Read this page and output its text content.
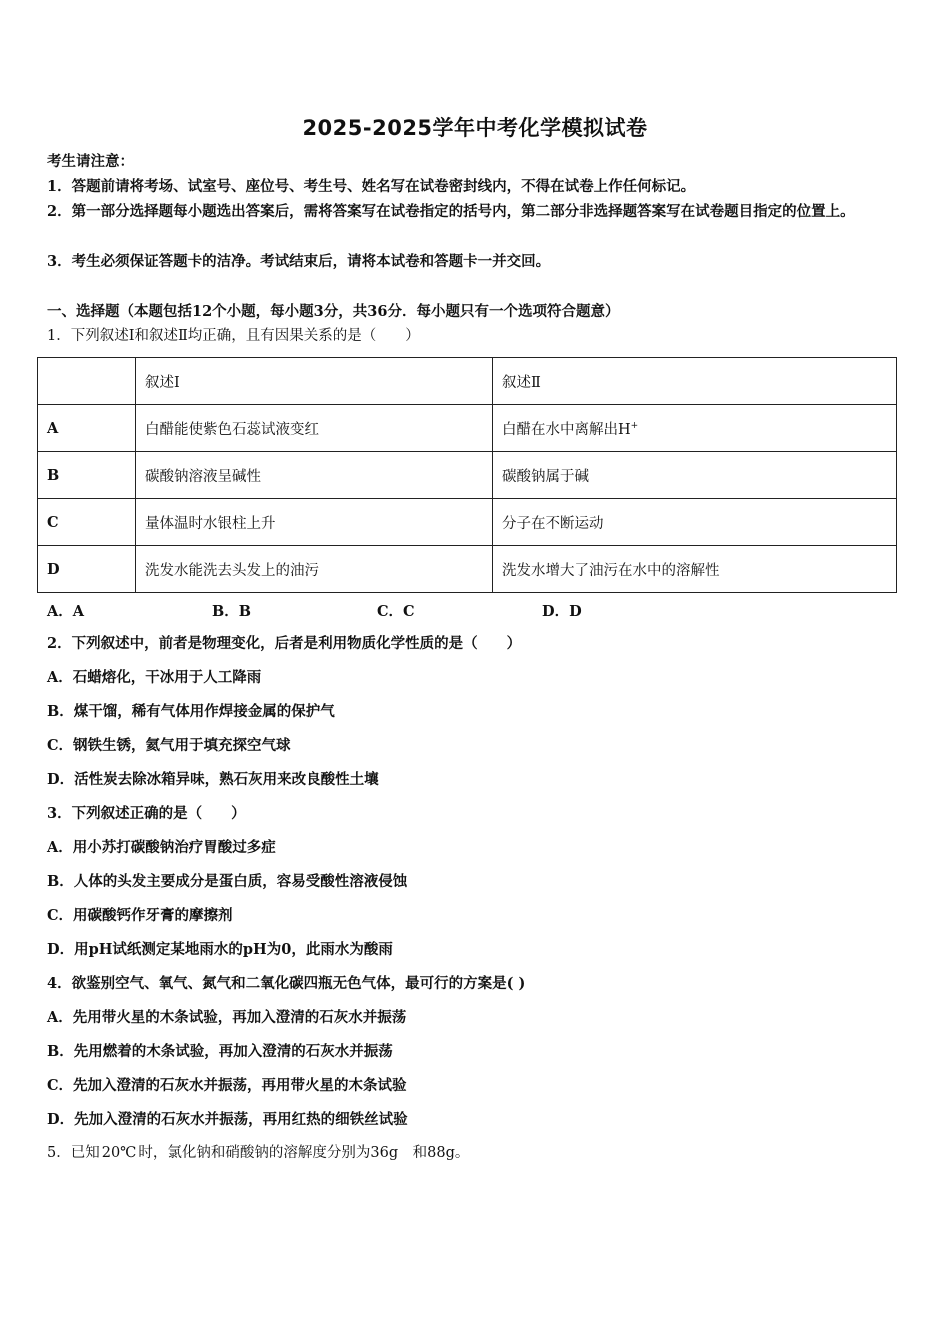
2025-2025学年中考化学模拟试卷
考生请注意：
1．答题前请将考场、试室号、座位号、考生号、姓名写在试卷密封线内，不得在试卷上作任何标记。
2．第一部分选择题每小题选出答案后，需将答案写在试卷指定的括号内，第二部分非选择题答案写在试卷题目指定的位置上。
3．考生必须保证答题卡的洁净。考试结束后，请将本试卷和答题卡一并交回。
一、选择题（本题包括12个小题，每小题3分，共36分．每小题只有一个选项符合题意）
1．下列叙述Ⅰ和叙述Ⅱ均正确，且有因果关系的是（　　）
	叙述Ⅰ	叙述Ⅱ
A	白醋能使紫色石蕊试液变红	白醋在水中离解出H+
B	碳酸钠溶液呈碱性	碳酸钠属于碱
C	量体温时水银柱上升	分子在不断运动
D	洗发水能洗去头发上的油污	洗发水增大了油污在水中的溶解性
A．A	B．B	C．C	D．D
2．下列叙述中，前者是物理变化，后者是利用物质化学性质的是（　　）
A．石蜡熔化，干冰用于人工降雨
B．煤干馏，稀有气体用作焊接金属的保护气
C．钢铁生锈，氦气用于填充探空气球
D．活性炭去除冰箱异味，熟石灰用来改良酸性土壤
3．下列叙述正确的是（　　）
A．用小苏打碳酸钠治疗胃酸过多症
B．人体的头发主要成分是蛋白质，容易受酸性溶液侵蚀
C．用碳酸钙作牙膏的摩擦剂
D．用pH试纸测定某地雨水的pH为0，此雨水为酸雨
4．欲鉴别空气、氧气、氮气和二氧化碳四瓶无色气体，最可行的方案是( )
A．先用带火星的木条试验，再加入澄清的石灰水并振荡
B．先用燃着的木条试验，再加入澄清的石灰水并振荡
C．先加入澄清的石灰水并振荡，再用带火星的木条试验
D．先加入澄清的石灰水并振荡，再用红热的细铁丝试验
5．已知 20℃ 时，氯化钠和硝酸钠的溶解度分别为36g　和88g。
